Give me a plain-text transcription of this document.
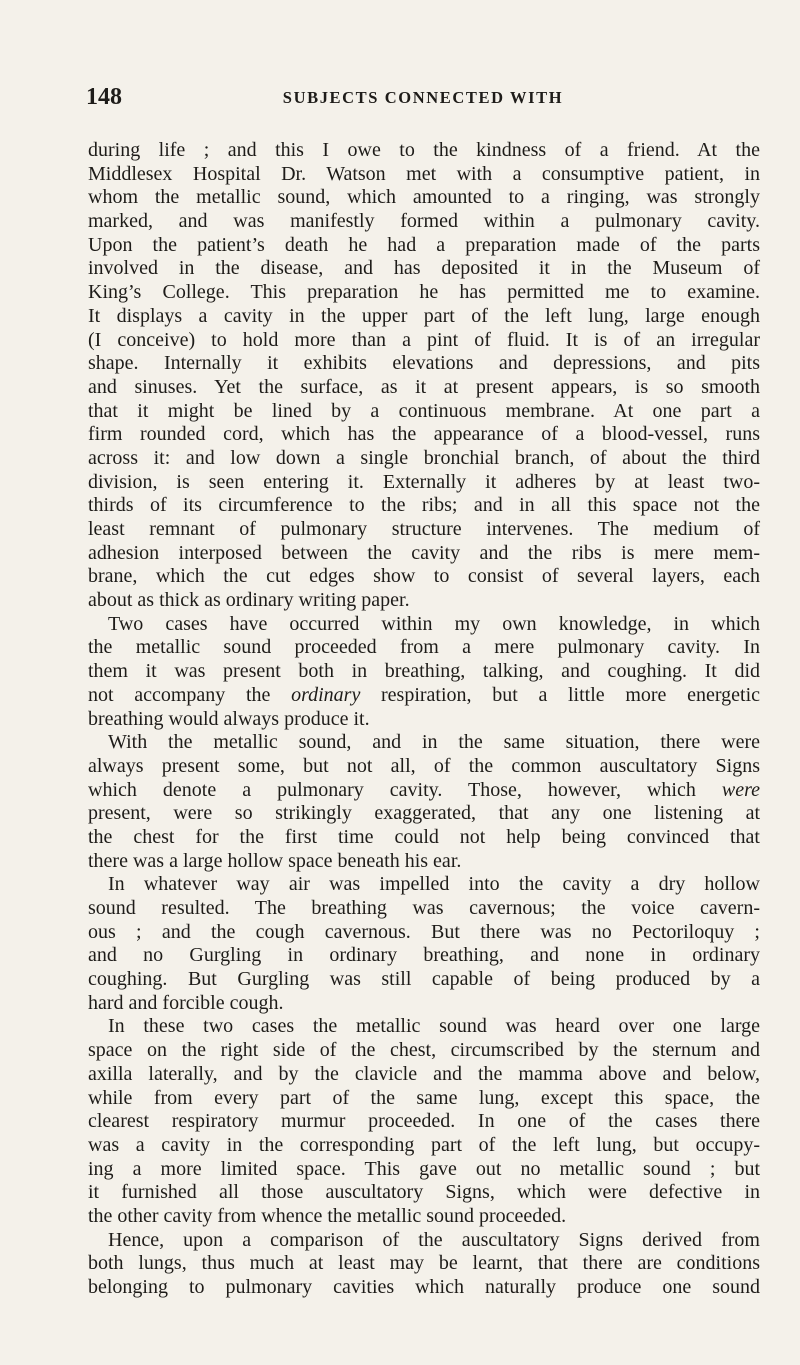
148	SUBJECTS CONNECTED WITH
during life ; and this I owe to the kindness of a friend. At the
Middlesex Hospital Dr. Watson met with a consumptive patient, in
whom the metallic sound, which amounted to a ringing, was strongly
marked, and was manifestly formed within a pulmonary cavity.
Upon the patient’s death he had a preparation made of the parts
involved in the disease, and has deposited it in the Museum of
King’s College. This preparation he has permitted me to examine.
It displays a cavity in the upper part of the left lung, large enough
(I conceive) to hold more than a pint of fluid. It is of an irregular
shape. Internally it exhibits elevations and depressions, and pits
and sinuses. Yet the surface, as it at present appears, is so smooth
that it might be lined by a continuous membrane. At one part a
firm rounded cord, which has the appearance of a blood-vessel, runs
across it: and low down a single bronchial branch, of about the third
division, is seen entering it. Externally it adheres by at least two-
thirds of its circumference to the ribs; and in all this space not the
least remnant of pulmonary structure intervenes. The medium of
adhesion interposed between the cavity and the ribs is mere mem-
brane, which the cut edges show to consist of several layers, each
about as thick as ordinary writing paper.
Two cases have occurred within my own knowledge, in which
the metallic sound proceeded from a mere pulmonary cavity. In
them it was present both in breathing, talking, and coughing. It did
not accompany the ordinary respiration, but a little more energetic
breathing would always produce it.
With the metallic sound, and in the same situation, there were
always present some, but not all, of the common auscultatory Signs
which denote a pulmonary cavity. Those, however, which were
present, were so strikingly exaggerated, that any one listening at
the chest for the first time could not help being convinced that
there was a large hollow space beneath his ear.
In whatever way air was impelled into the cavity a dry hollow
sound resulted. The breathing was cavernous; the voice cavern-
ous ; and the cough cavernous. But there was no Pectoriloquy ;
and no Gurgling in ordinary breathing, and none in ordinary
coughing. But Gurgling was still capable of being produced by a
hard and forcible cough.
In these two cases the metallic sound was heard over one large
space on the right side of the chest, circumscribed by the sternum and
axilla laterally, and by the clavicle and the mamma above and below,
while from every part of the same lung, except this space, the
clearest respiratory murmur proceeded. In one of the cases there
was a cavity in the corresponding part of the left lung, but occupy-
ing a more limited space. This gave out no metallic sound ; but
it furnished all those auscultatory Signs, which were defective in
the other cavity from whence the metallic sound proceeded.
Hence, upon a comparison of the auscultatory Signs derived from
both lungs, thus much at least may be learnt, that there are conditions
belonging to pulmonary cavities which naturally produce one sound
